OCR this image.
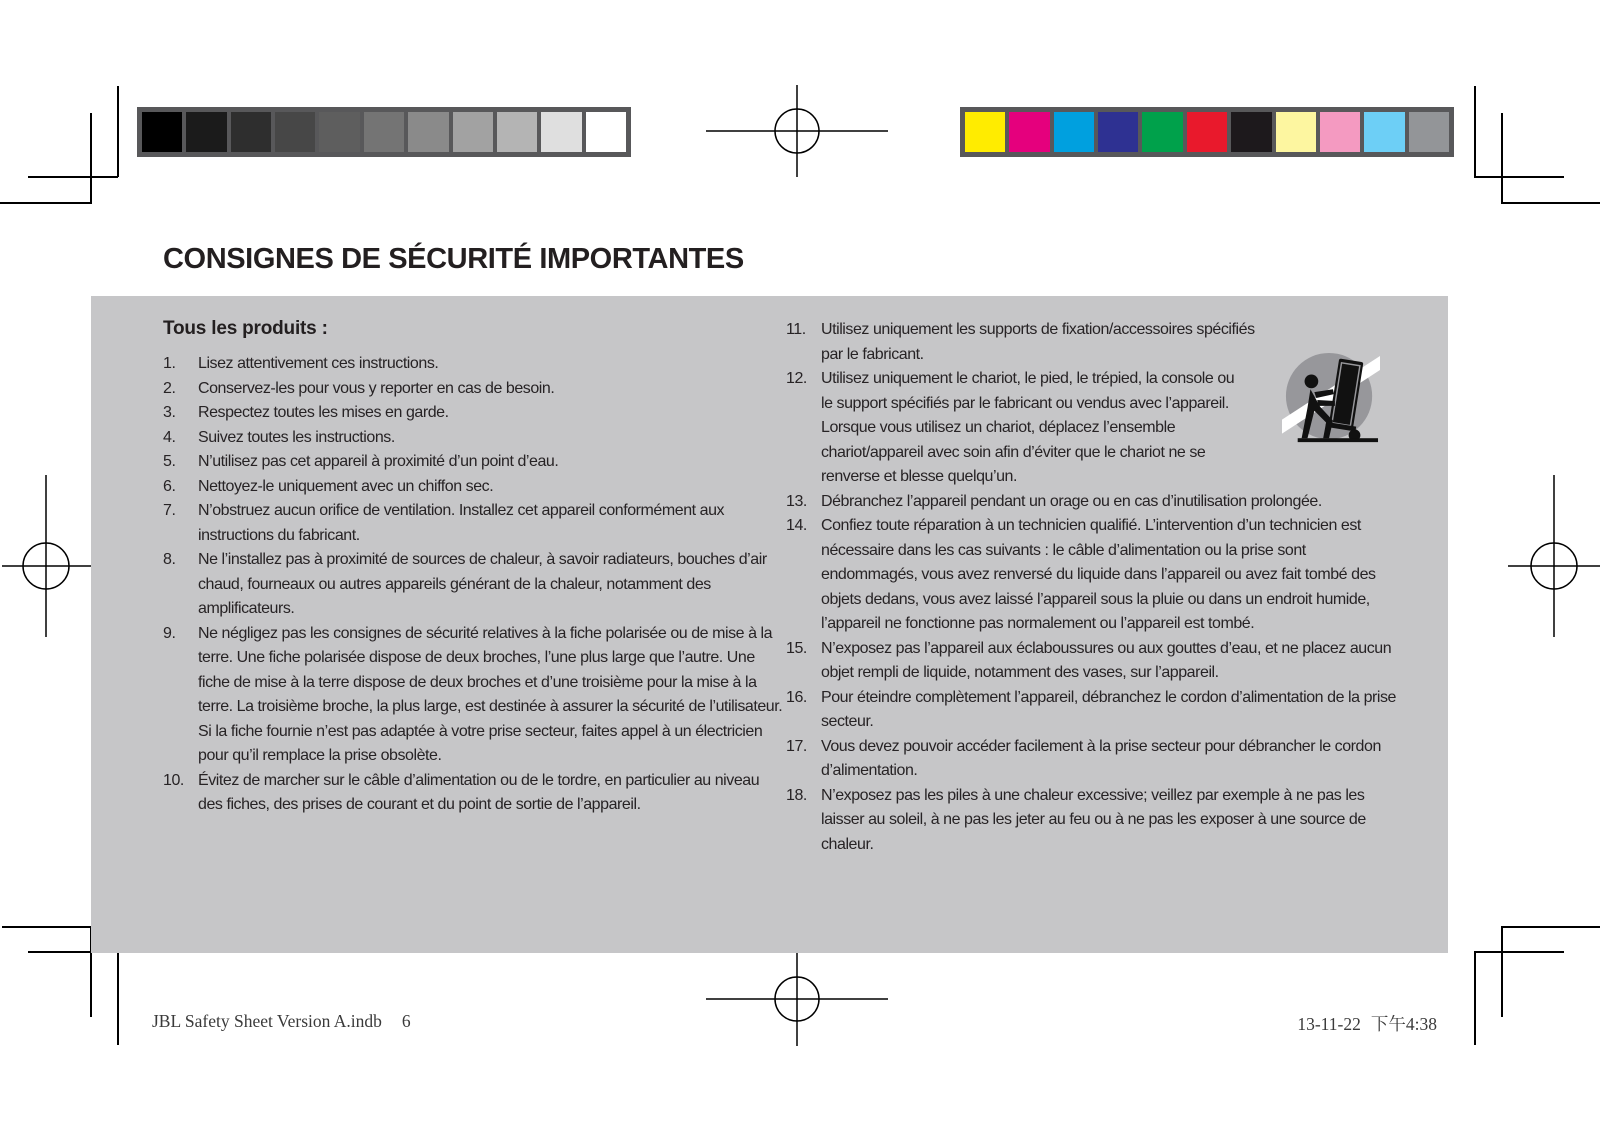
CONSIGNES DE SÉCURITÉ IMPORTANTES
Tous les produits :
1.	Lisez attentivement ces instructions.
2.	Conservez-les pour vous y reporter en cas de besoin.
3.	Respectez toutes les mises en garde.
4.	Suivez toutes les instructions.
5.	N’utilisez pas cet appareil à proximité d’un point d’eau.
6.	Nettoyez-le uniquement avec un chiffon sec.
7.	N’obstruez aucun orifice de ventilation. Installez cet appareil conformément aux instructions du fabricant.
8.	Ne l’installez pas à proximité de sources de chaleur, à savoir radiateurs, bouches d’air chaud, fourneaux ou autres appareils générant de la chaleur, notamment des amplificateurs.
9.	Ne négligez pas les consignes de sécurité relatives à la fiche polarisée ou de mise à la terre. Une fiche polarisée dispose de deux broches, l’une plus large que l’autre. Une fiche de mise à la terre dispose de deux broches et d’une troisième pour la mise à la terre. La troisième broche, la plus large, est destinée à assurer la sécurité de l’utilisateur. Si la fiche fournie n’est pas adaptée à votre prise secteur, faites appel à un électricien pour qu’il remplace la prise obsolète.
10. Évitez de marcher sur le câble d’alimentation ou de le tordre, en particulier au niveau des fiches, des prises de courant et du point de sortie de l’appareil.
11. Utilisez uniquement les supports de fixation/accessoires spécifiés par le fabricant.
12. Utilisez uniquement le chariot, le pied, le trépied, la console ou le support spécifiés par le fabricant ou vendus avec l’appareil. Lorsque vous utilisez un chariot, déplacez l’ensemble chariot/appareil avec soin afin d’éviter que le chariot ne se renverse et blesse quelqu’un.
13. Débranchez l’appareil pendant un orage ou en cas d’inutilisation prolongée.
14. Confiez toute réparation à un technicien qualifié. L’intervention d’un technicien est nécessaire dans les cas suivants : le câble d’alimentation ou la prise sont endommagés, vous avez renversé du liquide dans l’appareil ou avez fait tombé des objets dedans, vous avez laissé l’appareil sous la pluie ou dans un endroit humide, l’appareil ne fonctionne pas normalement ou l’appareil est tombé.
15. N’exposez pas l’appareil aux éclaboussures ou aux gouttes d’eau, et ne placez aucun objet rempli de liquide, notamment des vases, sur l’appareil.
16. Pour éteindre complètement l’appareil, débranchez le cordon d’alimentation de la prise secteur.
17. Vous devez pouvoir accéder facilement à la prise secteur pour débrancher le cordon d’alimentation.
18. N’exposez pas les piles à une chaleur excessive; veillez par exemple à ne pas les laisser au soleil, à ne pas les jeter au feu ou à ne pas les exposer à une source de chaleur.
JBL Safety Sheet Version A.indb 6	13-11-22 下午4:38
